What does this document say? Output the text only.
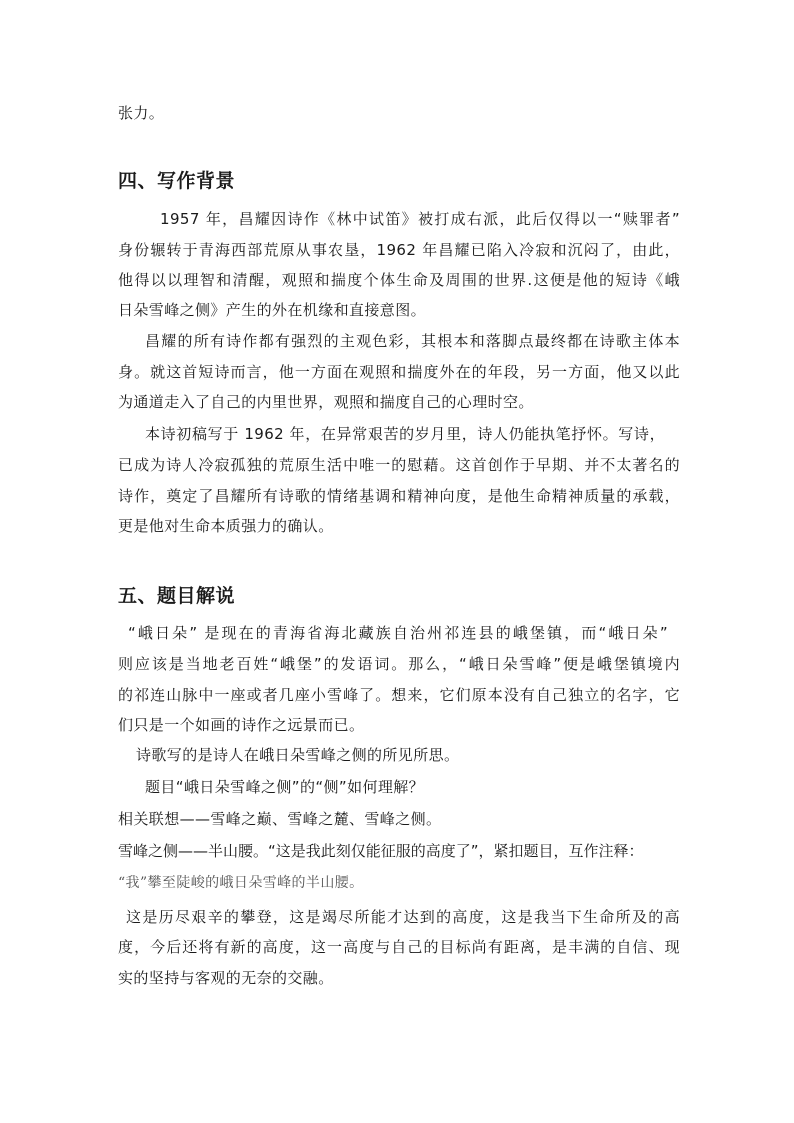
张力。
四、写作背景
1957 年，昌耀因诗作《林中试笛》被打成右派，此后仅得以一“赎罪者”
身份辗转于青海西部荒原从事农垦，1962 年昌耀已陷入冷寂和沉闷了，由此，
他得以以理智和清醒，观照和揣度个体生命及周围的世界.这便是他的短诗《峨
日朵雪峰之侧》产生的外在机缘和直接意图。
昌耀的所有诗作都有强烈的主观色彩，其根本和落脚点最终都在诗歌主体本
身。就这首短诗而言，他一方面在观照和揣度外在的年段，另一方面，他又以此
为通道走入了自己的内里世界，观照和揣度自己的心理时空。
本诗初稿写于 1962 年，在异常艰苦的岁月里，诗人仍能执笔抒怀。写诗，
已成为诗人冷寂孤独的荒原生活中唯一的慰藉。这首创作于早期、并不太著名的
诗作，奠定了昌耀所有诗歌的情绪基调和精神向度，是他生命精神质量的承载，
更是他对生命本质强力的确认。
五、题目解说
“峨日朵” 是现在的青海省海北藏族自治州祁连县的峨堡镇，而“峨日朵”
则应该是当地老百姓“峨堡”的发语词。那么，“峨日朵雪峰”便是峨堡镇境内
的祁连山脉中一座或者几座小雪峰了。想来，它们原本没有自己独立的名字，它
们只是一个如画的诗作之远景而已。
诗歌写的是诗人在峨日朵雪峰之侧的所见所思。
题目“峨日朵雪峰之侧”的“侧”如何理解？
相关联想——雪峰之巅、雪峰之麓、雪峰之侧。
雪峰之侧——半山腰。“这是我此刻仅能征服的高度了”，紧扣题目，互作注释：
“我”攀至陡峻的峨日朵雪峰的半山腰。
这是历尽艰辛的攀登，这是竭尽所能才达到的高度，这是我当下生命所及的高
度，今后还将有新的高度，这一高度与自己的目标尚有距离，是丰满的自信、现
实的坚持与客观的无奈的交融。
